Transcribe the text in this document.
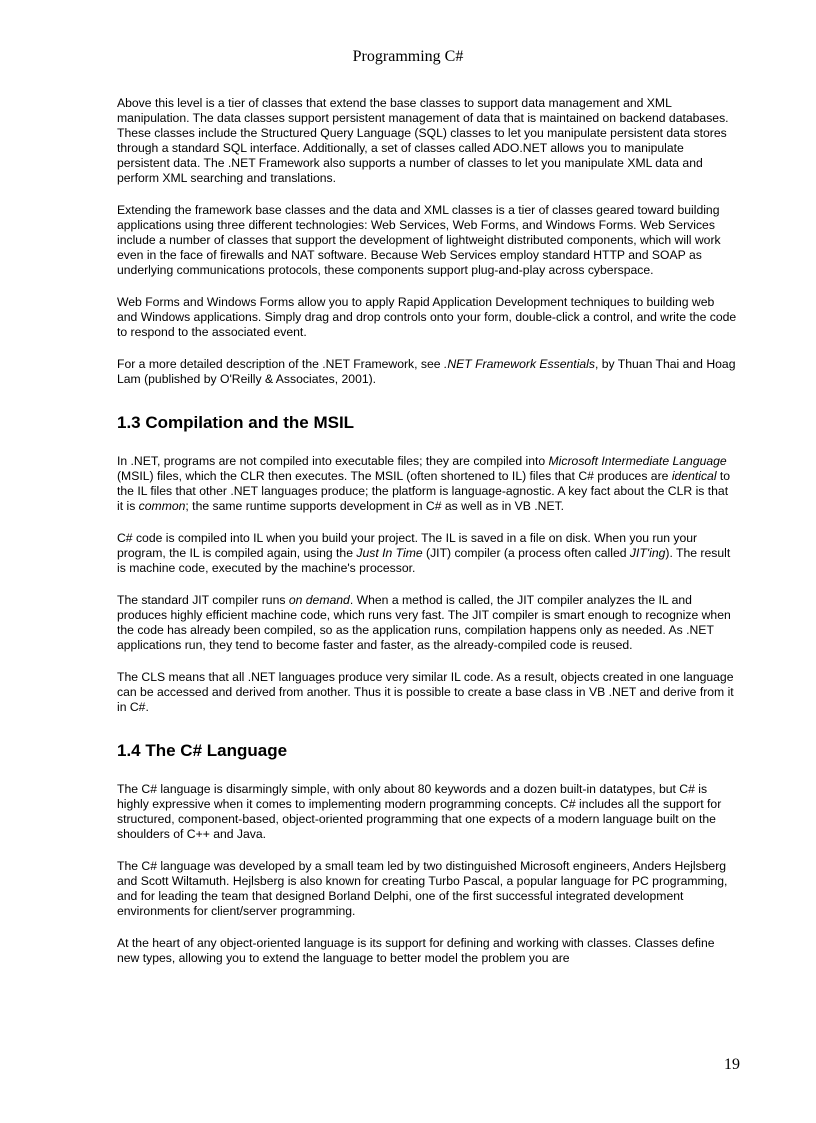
Programming C#

Above this level is a tier of classes that extend the base classes to support data management and XML manipulation. The data classes support persistent management of data that is maintained on backend databases. These classes include the Structured Query Language (SQL) classes to let you manipulate persistent data stores through a standard SQL interface. Additionally, a set of classes called ADO.NET allows you to manipulate persistent data. The .NET Framework also supports a number of classes to let you manipulate XML data and perform XML searching and translations.

Extending the framework base classes and the data and XML classes is a tier of classes geared toward building applications using three different technologies: Web Services, Web Forms, and Windows Forms. Web Services include a number of classes that support the development of lightweight distributed components, which will work even in the face of firewalls and NAT software. Because Web Services employ standard HTTP and SOAP as underlying communications protocols, these components support plug-and-play across cyberspace.

Web Forms and Windows Forms allow you to apply Rapid Application Development techniques to building web and Windows applications. Simply drag and drop controls onto your form, double-click a control, and write the code to respond to the associated event.

For a more detailed description of the .NET Framework, see .NET Framework Essentials, by Thuan Thai and Hoag Lam (published by O'Reilly & Associates, 2001).

1.3 Compilation and the MSIL

In .NET, programs are not compiled into executable files; they are compiled into Microsoft Intermediate Language (MSIL) files, which the CLR then executes. The MSIL (often shortened to IL) files that C# produces are identical to the IL files that other .NET languages produce; the platform is language-agnostic. A key fact about the CLR is that it is common; the same runtime supports development in C# as well as in VB .NET.

C# code is compiled into IL when you build your project. The IL is saved in a file on disk. When you run your program, the IL is compiled again, using the Just In Time (JIT) compiler (a process often called JIT'ing). The result is machine code, executed by the machine's processor.

The standard JIT compiler runs on demand. When a method is called, the JIT compiler analyzes the IL and produces highly efficient machine code, which runs very fast. The JIT compiler is smart enough to recognize when the code has already been compiled, so as the application runs, compilation happens only as needed. As .NET applications run, they tend to become faster and faster, as the already-compiled code is reused.

The CLS means that all .NET languages produce very similar IL code. As a result, objects created in one language can be accessed and derived from another. Thus it is possible to create a base class in VB .NET and derive from it in C#.

1.4 The C# Language

The C# language is disarmingly simple, with only about 80 keywords and a dozen built-in datatypes, but C# is highly expressive when it comes to implementing modern programming concepts. C# includes all the support for structured, component-based, object-oriented programming that one expects of a modern language built on the shoulders of C++ and Java.

The C# language was developed by a small team led by two distinguished Microsoft engineers, Anders Hejlsberg and Scott Wiltamuth. Hejlsberg is also known for creating Turbo Pascal, a popular language for PC programming, and for leading the team that designed Borland Delphi, one of the first successful integrated development environments for client/server programming.

At the heart of any object-oriented language is its support for defining and working with classes. Classes define new types, allowing you to extend the language to better model the problem you are

19
